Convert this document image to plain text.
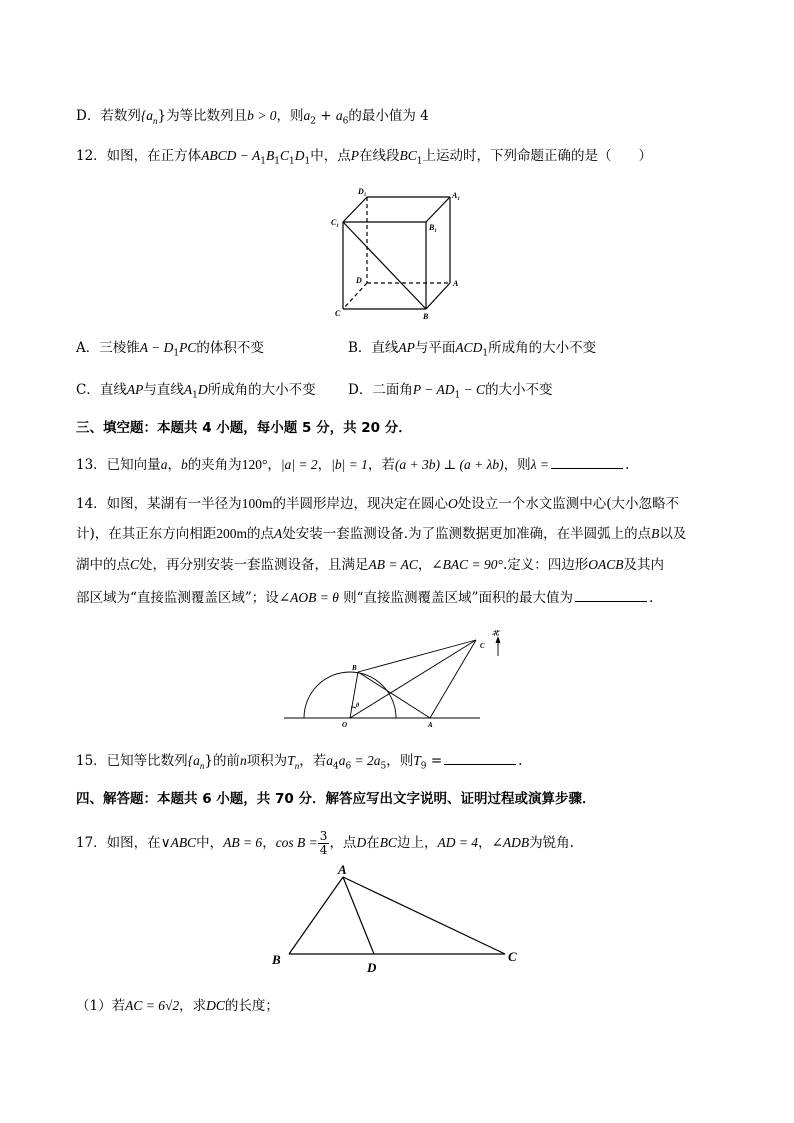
D．若数列$\{a_n\}$为等比数列且b > 0，则$a_2 + a_6$的最小值为 4
12．如图，在正方体ABCD − $A_1B_1C_1D_1$中，点P在线段$BC_1$上运动时，下列命题正确的是（　　）
$D_1$	$A_1$
$C_1$	$B_1$
D	A
C	B
A．三棱锥$A - D_1PC$的体积不变	B．直线AP与平面$ACD_1$所成角的大小不变
C．直线AP与直线$A_1D$所成角的大小不变 D．二面角$P - AD_1 - C$的大小不变
三、填空题：本题共 4 小题，每小题 5 分，共 20 分．
13．已知向量a，b的夹角为120°，|a| = 2，|b| = 1，若(a + 3b) ⊥ (a + λb)，则λ =	.
14．如图，某湖有一半径为100m的半圆形岸边，现决定在圆心O处设立一个水文监测中心(大小忽略不
计)，在其正东方向相距200m的点A处安装一套监测设备.为了监测数据更加准确，在半圆弧上的点B以及
湖中的点C处，再分别安装一套监测设备，且满足AB = AC，∠BAC = 90°.定义：四边形OACB及其内
部区域为“直接监测覆盖区域”；设∠AOB = θ 则“直接监测覆盖区域”面积的最大值为	.
北
C
B
θ
O	A
15．已知等比数列$\{a_n\}$的前n项积为$T_n$，若$a_4a_6 = 2a_5$，则$T_9$ =	.
四、解答题：本题共 6 小题，共 70 分．解答应写出文字说明、证明过程或演算步骤．
17．如图，在∨ABC中，AB = 6，$\cos B = \frac{3}{4}$ ，点D在BC边上，AD = 4，∠ADB为锐角.
A
B	C
D
（1）若AC = 6√2，求DC的长度；
